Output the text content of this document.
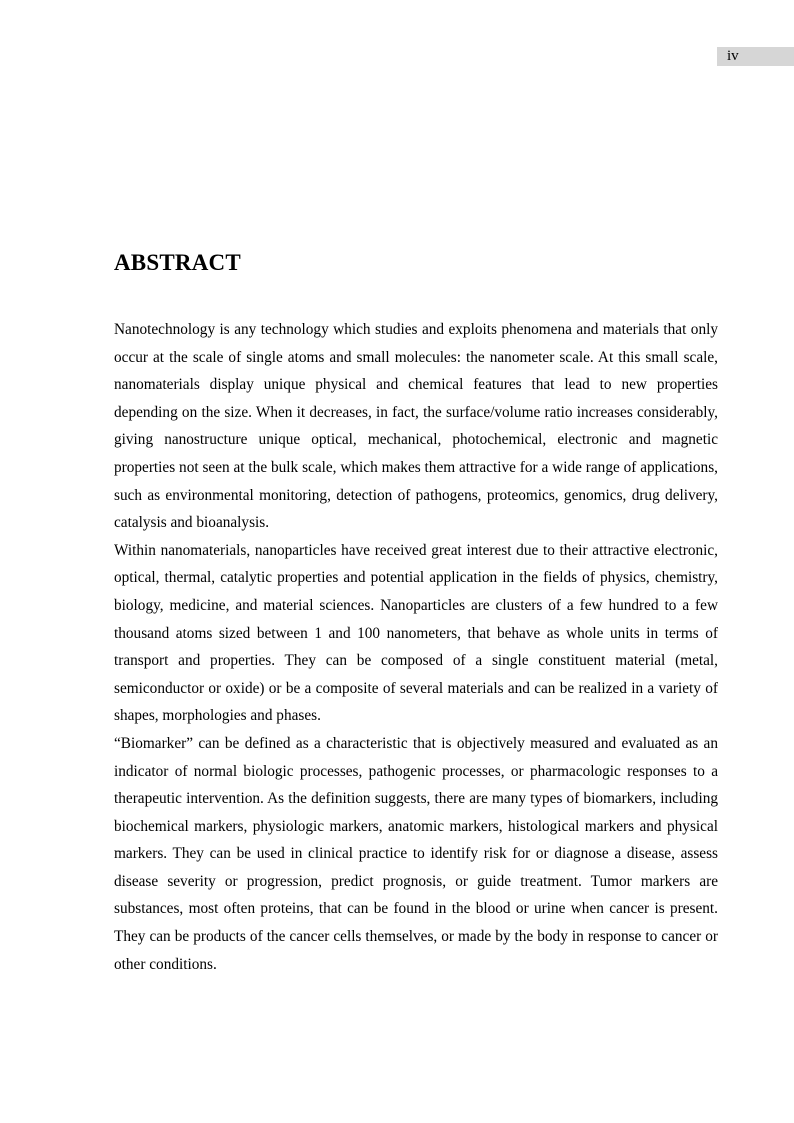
iv
ABSTRACT

Nanotechnology is any technology which studies and exploits phenomena and materials that only occur at the scale of single atoms and small molecules: the nanometer scale. At this small scale, nanomaterials display unique physical and chemical features that lead to new properties depending on the size. When it decreases, in fact, the surface/volume ratio increases considerably, giving nanostructure unique optical, mechanical, photochemical, electronic and magnetic properties not seen at the bulk scale, which makes them attractive for a wide range of applications, such as environmental monitoring, detection of pathogens, proteomics, genomics, drug delivery, catalysis and bioanalysis.

Within nanomaterials, nanoparticles have received great interest due to their attractive electronic, optical, thermal, catalytic properties and potential application in the fields of physics, chemistry, biology, medicine, and material sciences. Nanoparticles are clusters of a few hundred to a few thousand atoms sized between 1 and 100 nanometers, that behave as whole units in terms of transport and properties. They can be composed of a single constituent material (metal, semiconductor or oxide) or be a composite of several materials and can be realized in a variety of shapes, morphologies and phases.

“Biomarker” can be defined as a characteristic that is objectively measured and evaluated as an indicator of normal biologic processes, pathogenic processes, or pharmacologic responses to a therapeutic intervention. As the definition suggests, there are many types of biomarkers, including biochemical markers, physiologic markers, anatomic markers, histological markers and physical markers. They can be used in clinical practice to identify risk for or diagnose a disease, assess disease severity or progression, predict prognosis, or guide treatment. Tumor markers are substances, most often proteins, that can be found in the blood or urine when cancer is present. They can be products of the cancer cells themselves, or made by the body in response to cancer or other conditions.
